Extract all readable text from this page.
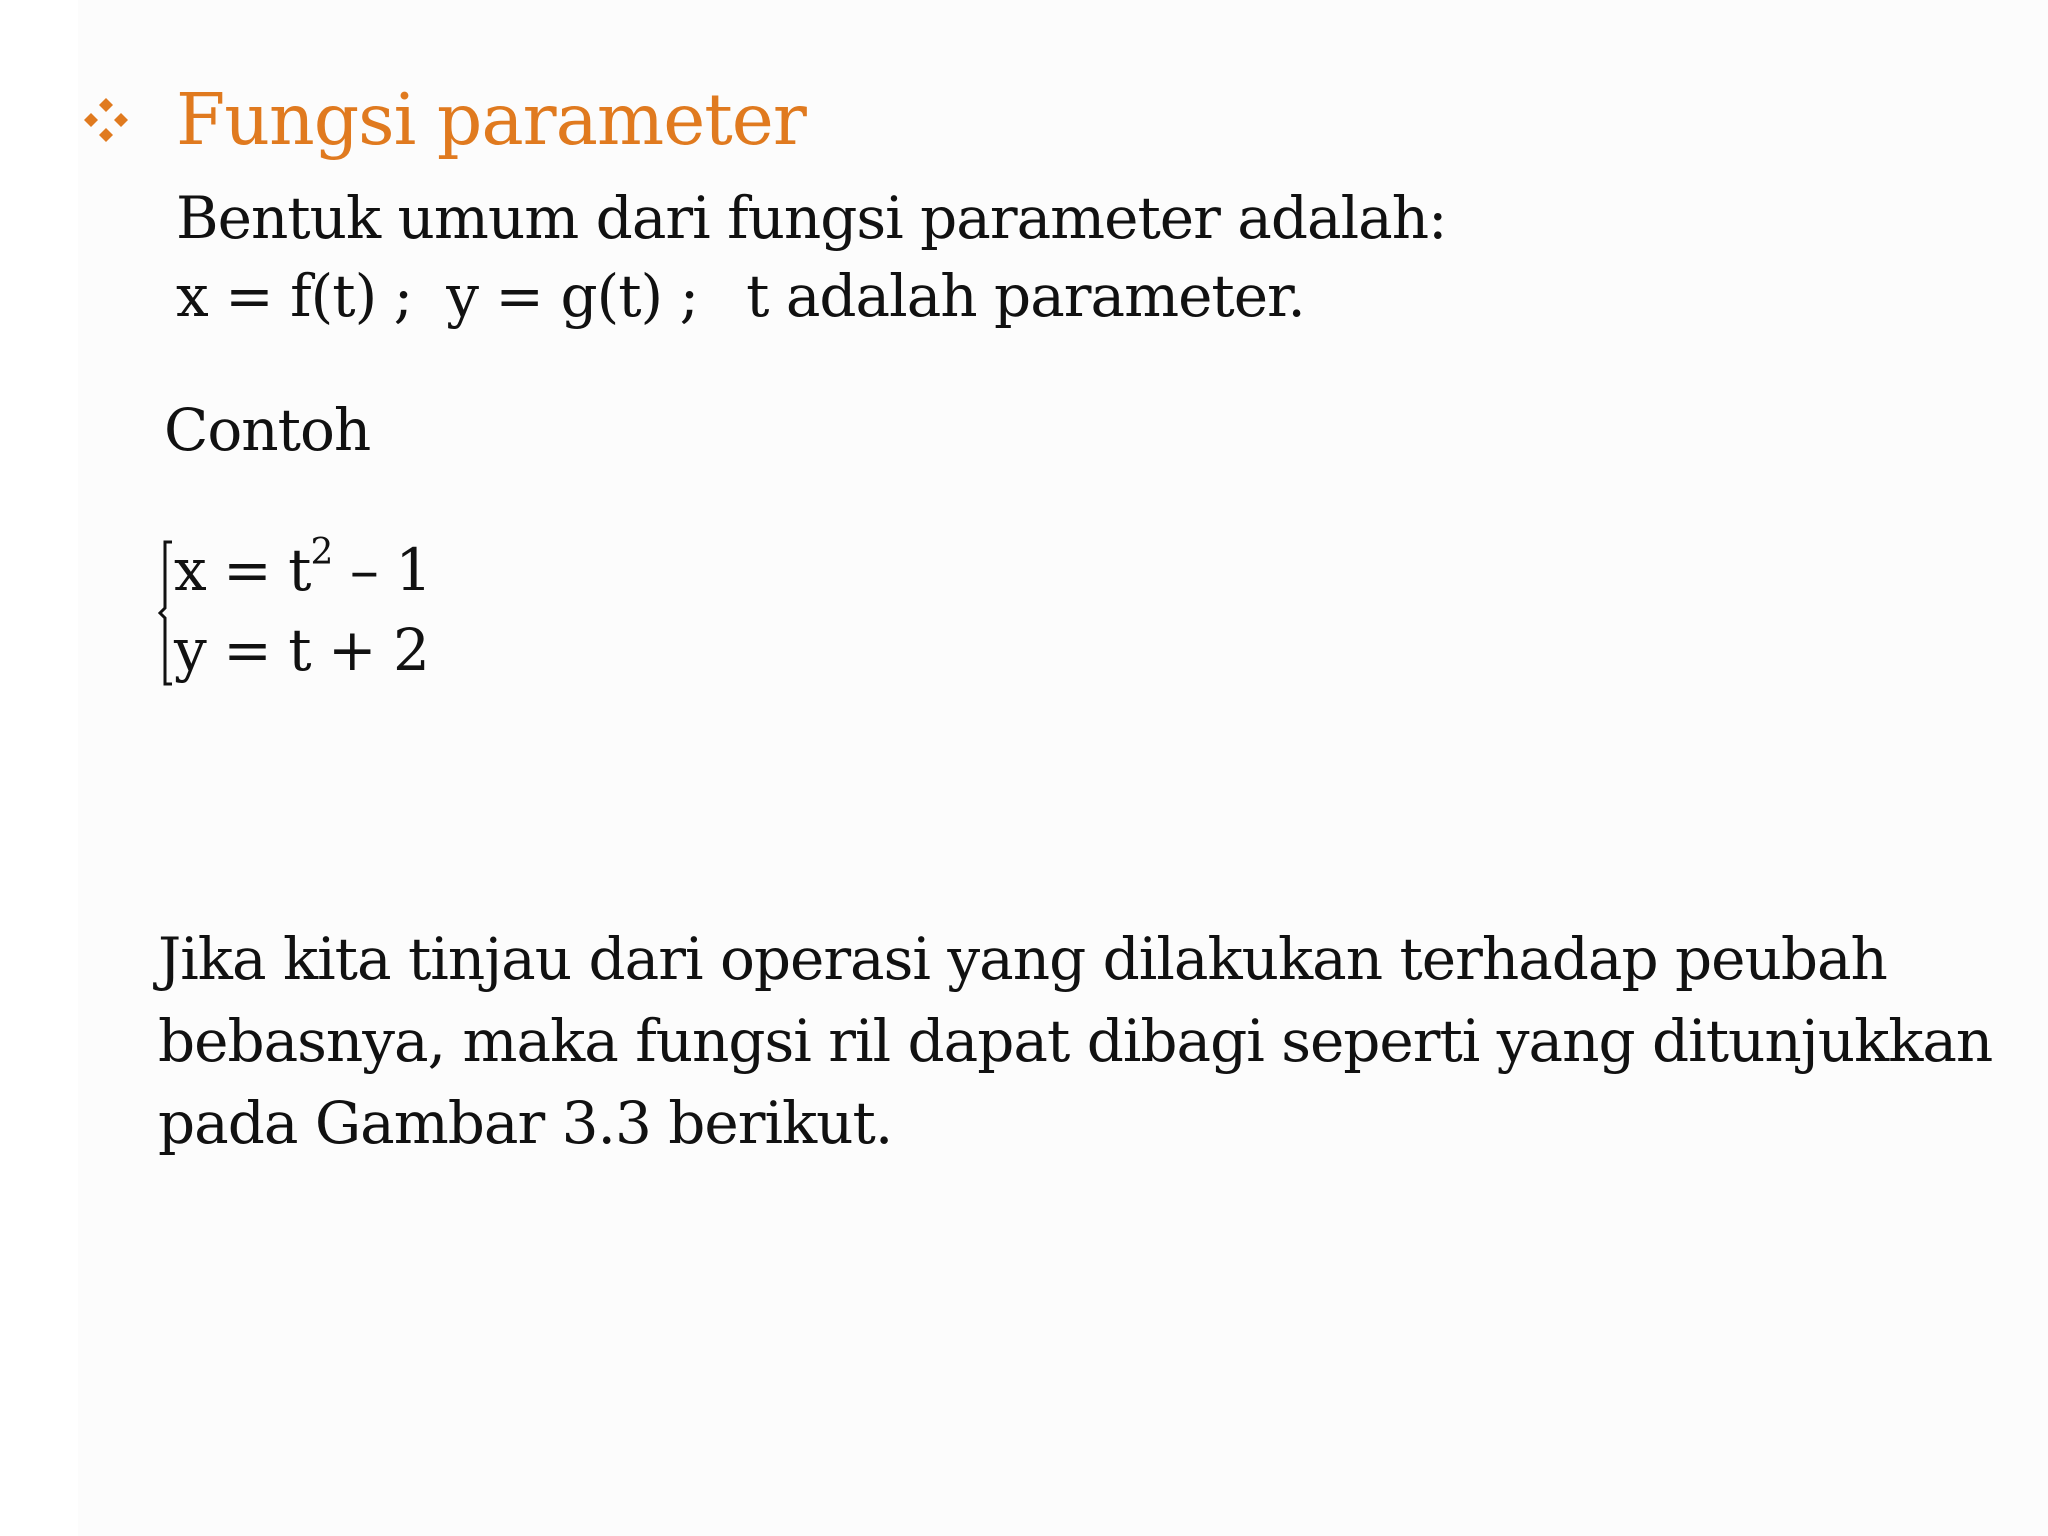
Fungsi parameter
Bentuk umum dari fungsi parameter adalah:
x = f(t) ; y = g(t) ; t adalah parameter.
Contoh
$x = t^2 - 1$
y = t + 2
Jika kita tinjau dari operasi yang dilakukan terhadap peubah
bebasnya, maka fungsi ril dapat dibagi seperti yang ditunjukkan
pada Gambar 3.3 berikut.
